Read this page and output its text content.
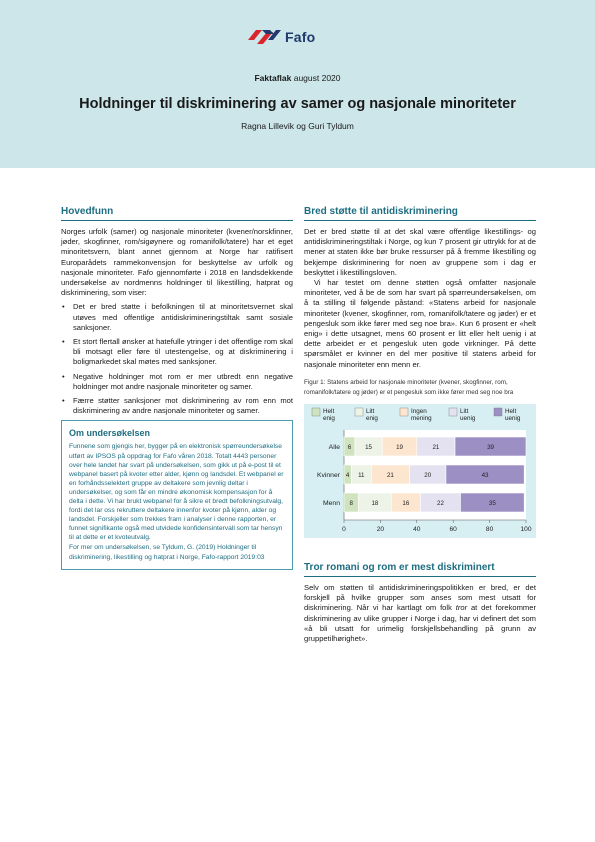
Fafo
Faktaflak august 2020
Holdninger til diskriminering av samer og nasjonale minoriteter
Ragna Lillevik og Guri Tyldum
Hovedfunn

Norges urfolk (samer) og nasjonale minoriteter (kvener/norskfinner, jøder, skogfinner, rom/sigøynere og romanifolk/tatere) har et eget minoritetsvern, blant annet gjennom at Norge har ratifisert Europarådets rammekonvensjon for beskyttelse av urfolk og nasjonale minoriteter. Fafo gjennomførte i 2018 en landsdekkende undersøkelse av nordmenns holdninger til likestilling, hatprat og diskriminering, som viser:

• Det er bred støtte i befolkningen til at minoritetsvernet skal utøves med offentlige antidiskrimineringstiltak samt sosiale sanksjoner.
• Et stort flertall ønsker at hatefulle ytringer i det offentlige rom skal bli motsagt eller føre til utestengelse, og at diskriminering i boligmarkedet skal møtes med sanksjoner.
• Negative holdninger mot rom er mer utbredt enn negative holdninger mot andre nasjonale minoriteter og samer.
• Færre støtter sanksjoner mot diskriminering av rom enn mot diskriminering av andre nasjonale minoriteter og samer.
Om undersøkelsen

Funnene som gjengis her, bygger på en elektronisk spørreundersøkelse utført av IPSOS på oppdrag for Fafo våren 2018. Totalt 4443 personer over hele landet har svart på undersøkelsen, som gikk ut på e-post til et webpanel basert på kvoter etter alder, kjønn og landsdel. Et webpanel er en forhåndsselektert gruppe av deltakere som jevnlig deltar i undersøkelser, og som får en mindre økonomisk kompensasjon for å delta i dette. Vi har brukt webpanel for å sikre et bredt befolkningsutvalg, fordi det lar oss rekruttere deltakere innenfor kvoter på kjønn, alder og landsdel. Forskjeller som trekkes fram i analyser i denne rapporten, er funnet signifikante også med utvidede konfidensintervall som tar hensyn til at dette er et kvoteutvalg.

For mer om undersøkelsen, se Tyldum, G. (2019) Holdninger til diskriminering, likestilling og hatprat i Norge, Fafo-rapport 2019:03

Bred støtte til antidiskriminering

Det er bred støtte til at det skal være offentlige likestillings- og antidiskrimineringstiltak i Norge, og kun 7 prosent gir uttrykk for at de mener at staten ikke bør bruke ressurser på å fremme likestilling og bekjempe diskriminering for noen av gruppene som i dag er beskyttet i likestillingsloven.

Vi har testet om denne støtten også omfatter nasjonale minoriteter, ved å be de som har svart på spørreundersøkelsen, om å ta stilling til følgende påstand: «Statens arbeid for nasjonale minoriteter (kvener, skogfinner, rom, romanifolk/tatere og jøder) er et pengesluk som ikke fører med seg noe bra». Kun 6 prosent er «helt enig» i dette utsagnet, mens 60 prosent er litt eller helt uenig i at dette arbeidet er et pengesluk uten gode virkninger. På dette spørsmålet er kvinner en del mer positive til statens arbeid for nasjonale minoriteter enn menn er.

Figur 1: Statens arbeid for nasjonale minoriteter (kvener, skogfinner, rom, romanifolk/tatere og jøder) er et pengesluk som ikke fører med seg noe bra
Helt
enig
Litt
enig
Ingen
mening
Litt
uenig
Helt
uenig
Alle 6 15	19	21	39
Kvinner 4 11	21	20	43
Menn 8	18	16	22	35
0	20	40	60	80	100
Tror romani og rom er mest diskriminert

Selv om støtten til antidiskrimineringspolitikken er bred, er det forskjell på hvilke grupper som anses som mest utsatt for diskriminering. Når vi har kartlagt om folk tror at det forekommer diskriminering av ulike grupper i Norge i dag, har vi definert det som «å bli utsatt for urimelig forskjellsbehandling på grunn av gruppetilhørighet».
